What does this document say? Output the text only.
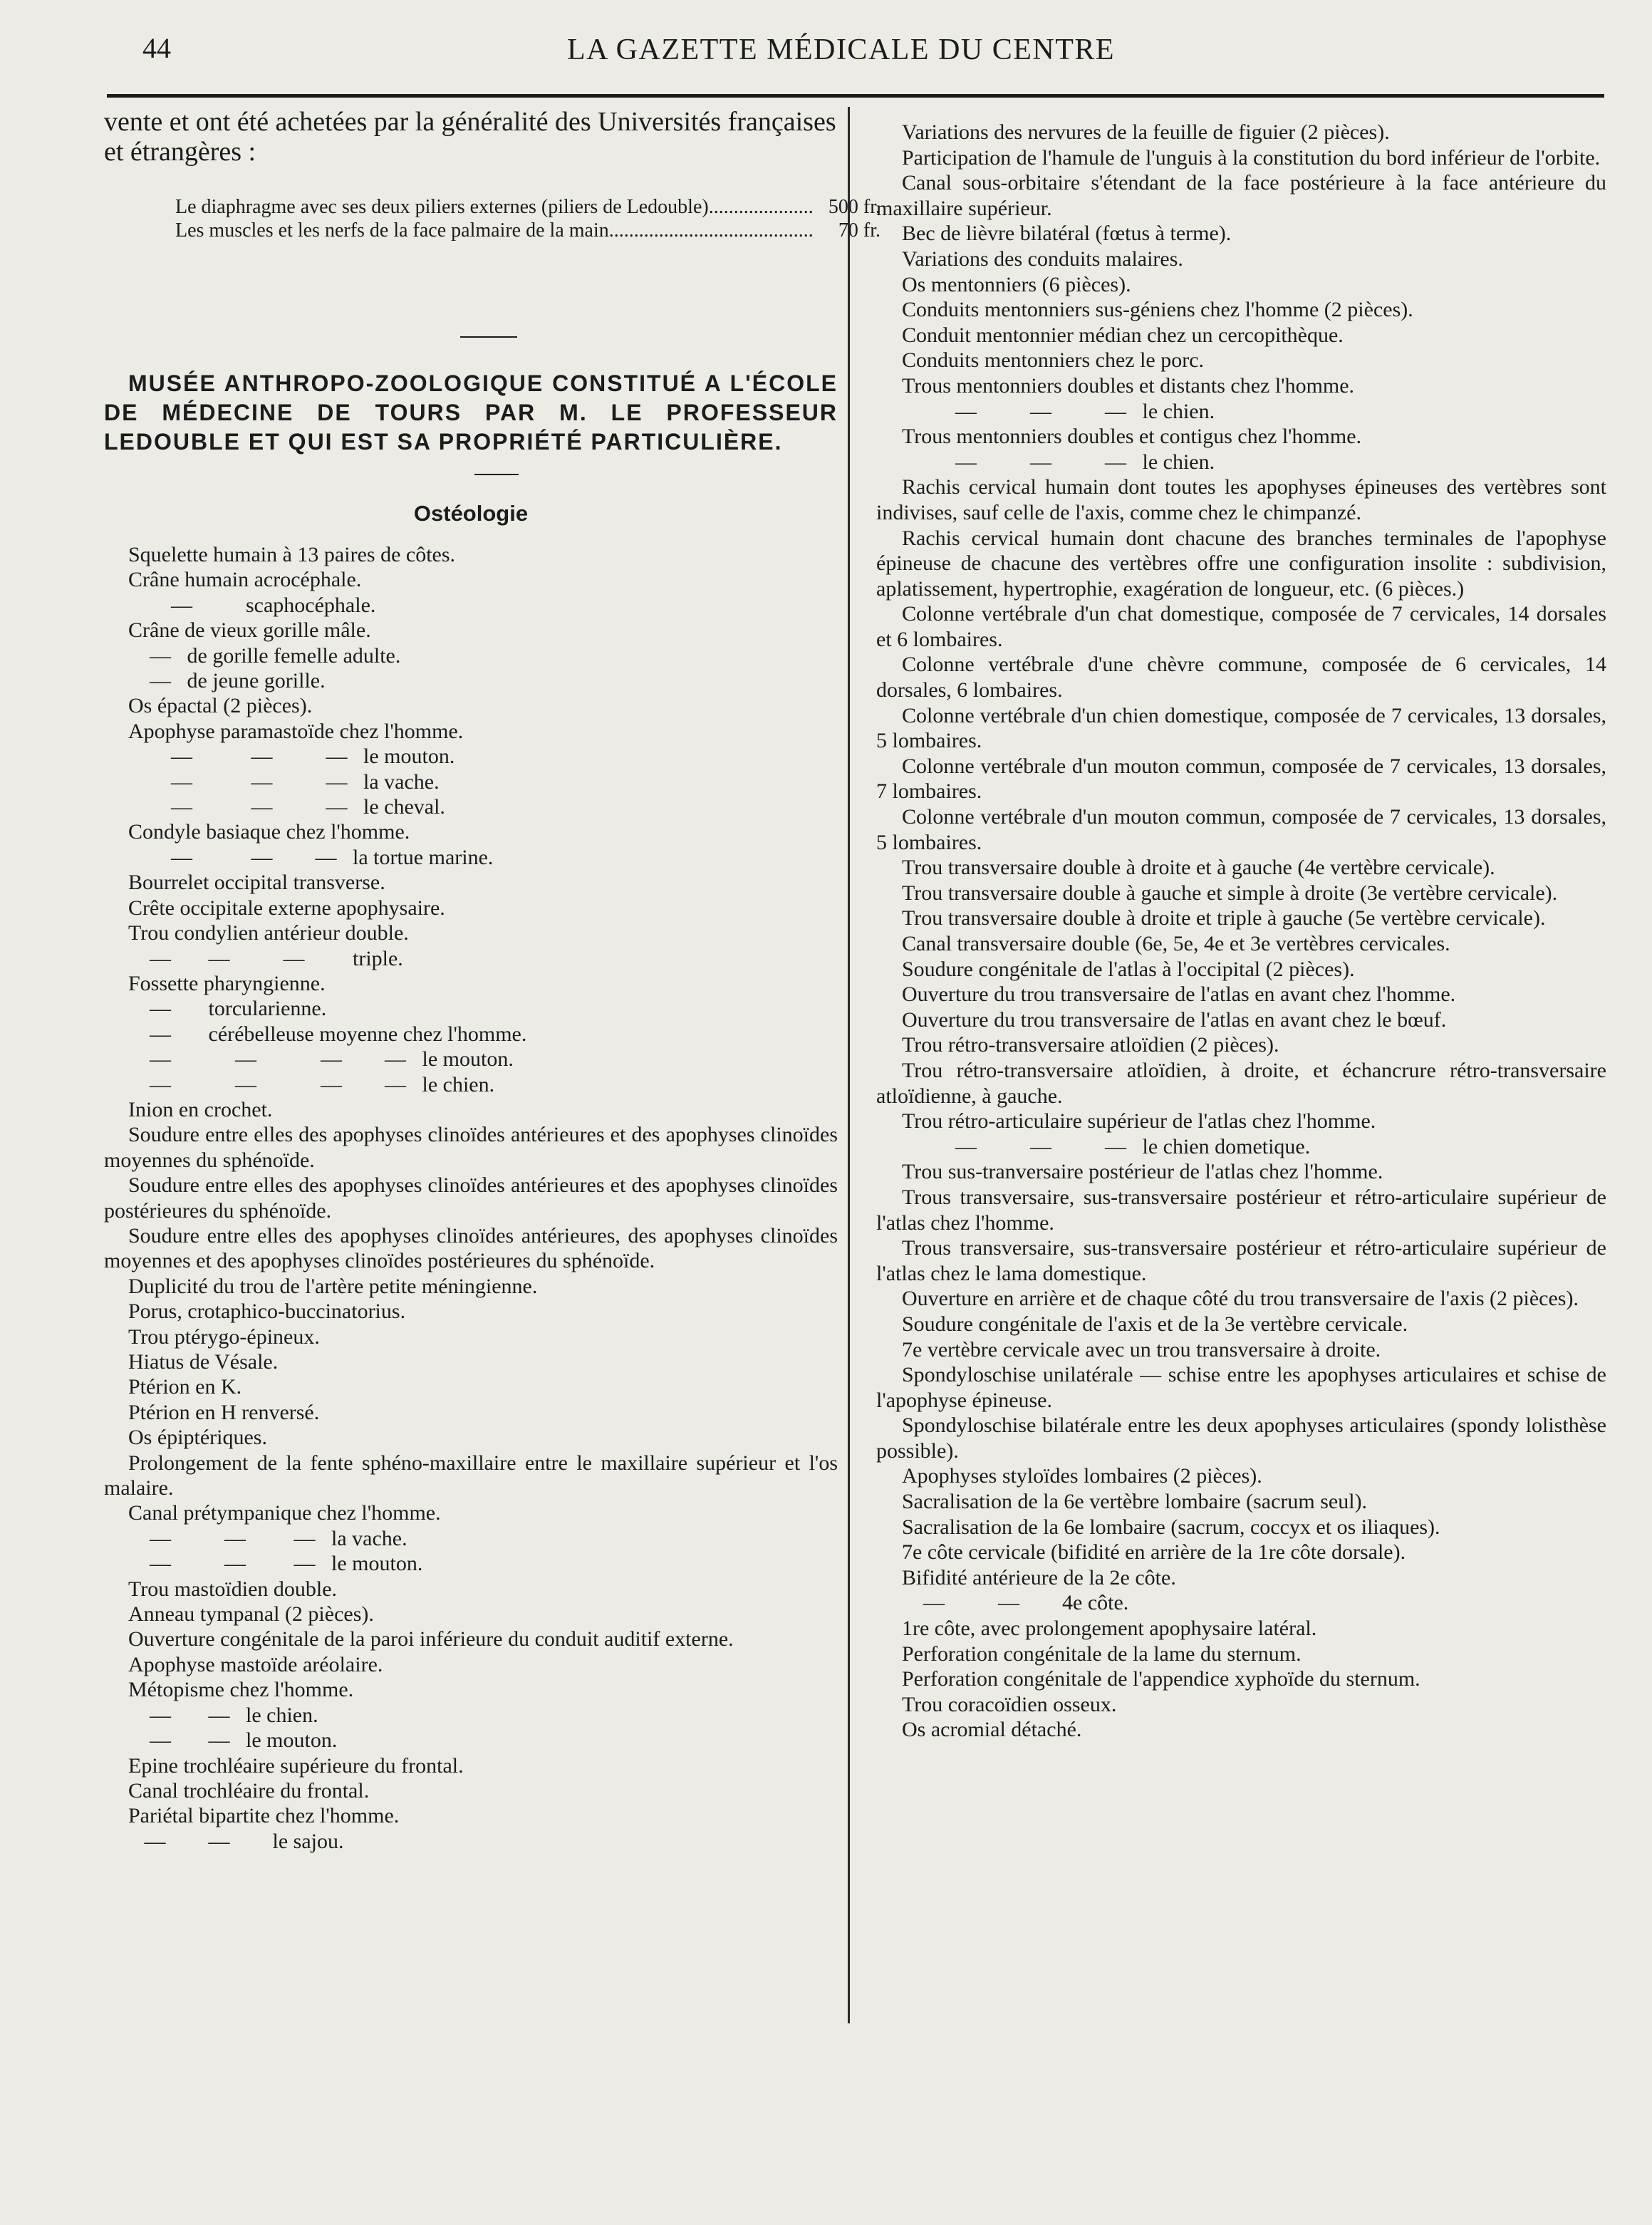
44	LA GAZETTE MÉDICALE DU CENTRE

vente et ont été achetées par la généralité des Universités françaises et étrangères :

Le diaphragme avec ses deux piliers externes (piliers de Ledouble)..................... 500 fr.
Les muscles et les nerfs de la face palmaire de la main......................................... 70 fr.
MUSÉE ANTHROPO-ZOOLOGIQUE CONSTITUÉ A L'ÉCOLE DE MÉDECINE DE TOURS PAR M. LE PROFESSEUR LEDOUBLE ET QUI EST SA PROPRIÉTÉ PARTICULIÈRE.
Ostéologie
Squelette humain à 13 paires de côtes.
Crâne humain acrocéphale.
—          scaphocéphale.
Crâne de vieux gorille mâle.
—   de gorille femelle adulte.
—   de jeune gorille.
Os épactal (2 pièces).
Apophyse paramastoïde chez l'homme.
—           —          —   le mouton.
—           —          —   la vache.
—           —          —   le cheval.
Condyle basiaque chez l'homme.
—           —        —   la tortue marine.
Bourrelet occipital transverse.
Crête occipitale externe apophysaire.
Trou condylien antérieur double.
—       —          —         triple.
Fossette pharyngienne.
—       torcularienne.
—       cérébelleuse moyenne chez l'homme.
—            —            —        —   le mouton.
—            —            —        —   le chien.
Inion en crochet.
Soudure entre elles des apophyses clinoïdes antérieures et des apophyses clinoïdes moyennes du sphénoïde.
Soudure entre elles des apophyses clinoïdes antérieures et des apophyses clinoïdes postérieures du sphénoïde.
Soudure entre elles des apophyses clinoïdes antérieures, des apophyses clinoïdes moyennes et des apophyses clinoïdes postérieures du sphénoïde.
Duplicité du trou de l'artère petite méningienne.
Porus, crotaphico-buccinatorius.
Trou ptérygo-épineux.
Hiatus de Vésale.
Ptérion en K.
Ptérion en H renversé.
Os épiptériques.
Prolongement de la fente sphéno-maxillaire entre le maxillaire supérieur et l'os malaire.
Canal prétympanique chez l'homme.
—          —         —   la vache.
—          —         —   le mouton.
Trou mastoïdien double.
Anneau tympanal (2 pièces).
Ouverture congénitale de la paroi inférieure du conduit auditif externe.
Apophyse mastoïde aréolaire.
Métopisme chez l'homme.
—       —   le chien.
—       —   le mouton.
Epine trochléaire supérieure du frontal.
Canal trochléaire du frontal.
Pariétal bipartite chez l'homme.
—        —        le sajou.
Variations des nervures de la feuille de figuier (2 pièces).
Participation de l'hamule de l'unguis à la constitution du bord inférieur de l'orbite.
Canal sous-orbitaire s'étendant de la face postérieure à la face antérieure du maxillaire supérieur.
Bec de lièvre bilatéral (fœtus à terme).
Variations des conduits malaires.
Os mentonniers (6 pièces).
Conduits mentonniers sus-géniens chez l'homme (2 pièces).
Conduit mentonnier médian chez un cercopithèque.
Conduits mentonniers chez le porc.
Trous mentonniers doubles et distants chez l'homme.
—          —          —   le chien.
Trous mentonniers doubles et contigus chez l'homme.
—          —          —   le chien.
Rachis cervical humain dont toutes les apophyses épineuses des vertèbres sont indivises, sauf celle de l'axis, comme chez le chimpanzé.
Rachis cervical humain dont chacune des branches terminales de l'apophyse épineuse de chacune des vertèbres offre une configuration insolite : subdivision, aplatissement, hypertrophie, exagération de longueur, etc. (6 pièces.)
Colonne vertébrale d'un chat domestique, composée de 7 cervicales, 14 dorsales et 6 lombaires.
Colonne vertébrale d'une chèvre commune, composée de 6 cervicales, 14 dorsales, 6 lombaires.
Colonne vertébrale d'un chien domestique, composée de 7 cervicales, 13 dorsales, 5 lombaires.
Colonne vertébrale d'un mouton commun, composée de 7 cervicales, 13 dorsales, 7 lombaires.
Colonne vertébrale d'un mouton commun, composée de 7 cervicales, 13 dorsales, 5 lombaires.
Trou transversaire double à droite et à gauche (4e vertèbre cervicale).
Trou transversaire double à gauche et simple à droite (3e vertèbre cervicale).
Trou transversaire double à droite et triple à gauche (5e vertèbre cervicale).
Canal transversaire double (6e, 5e, 4e et 3e vertèbres cervicales.
Soudure congénitale de l'atlas à l'occipital (2 pièces).
Ouverture du trou transversaire de l'atlas en avant chez l'homme.
Ouverture du trou transversaire de l'atlas en avant chez le bœuf.
Trou rétro-transversaire atloïdien (2 pièces).
Trou rétro-transversaire atloïdien, à droite, et échancrure rétro-transversaire atloïdienne, à gauche.
Trou rétro-articulaire supérieur de l'atlas chez l'homme.
—          —          —   le chien dometique.
Trou sus-tranversaire postérieur de l'atlas chez l'homme.
Trous transversaire, sus-transversaire postérieur et rétro-articulaire supérieur de l'atlas chez l'homme.
Trous transversaire, sus-transversaire postérieur et rétro-articulaire supérieur de l'atlas chez le lama domestique.
Ouverture en arrière et de chaque côté du trou transversaire de l'axis (2 pièces).
Soudure congénitale de l'axis et de la 3e vertèbre cervicale.
7e vertèbre cervicale avec un trou transversaire à droite.
Spondyloschise unilatérale — schise entre les apophyses articulaires et schise de l'apophyse épineuse.
Spondyloschise bilatérale entre les deux apophyses articulaires (spondy lolisthèse possible).
Apophyses styloïdes lombaires (2 pièces).
Sacralisation de la 6e vertèbre lombaire (sacrum seul).
Sacralisation de la 6e lombaire (sacrum, coccyx et os iliaques).
7e côte cervicale (bifidité en arrière de la 1re côte dorsale).
Bifidité antérieure de la 2e côte.
—          —        4e côte.
1re côte, avec prolongement apophysaire latéral.
Perforation congénitale de la lame du sternum.
Perforation congénitale de l'appendice xyphoïde du sternum.
Trou coracoïdien osseux.
Os acromial détaché.
